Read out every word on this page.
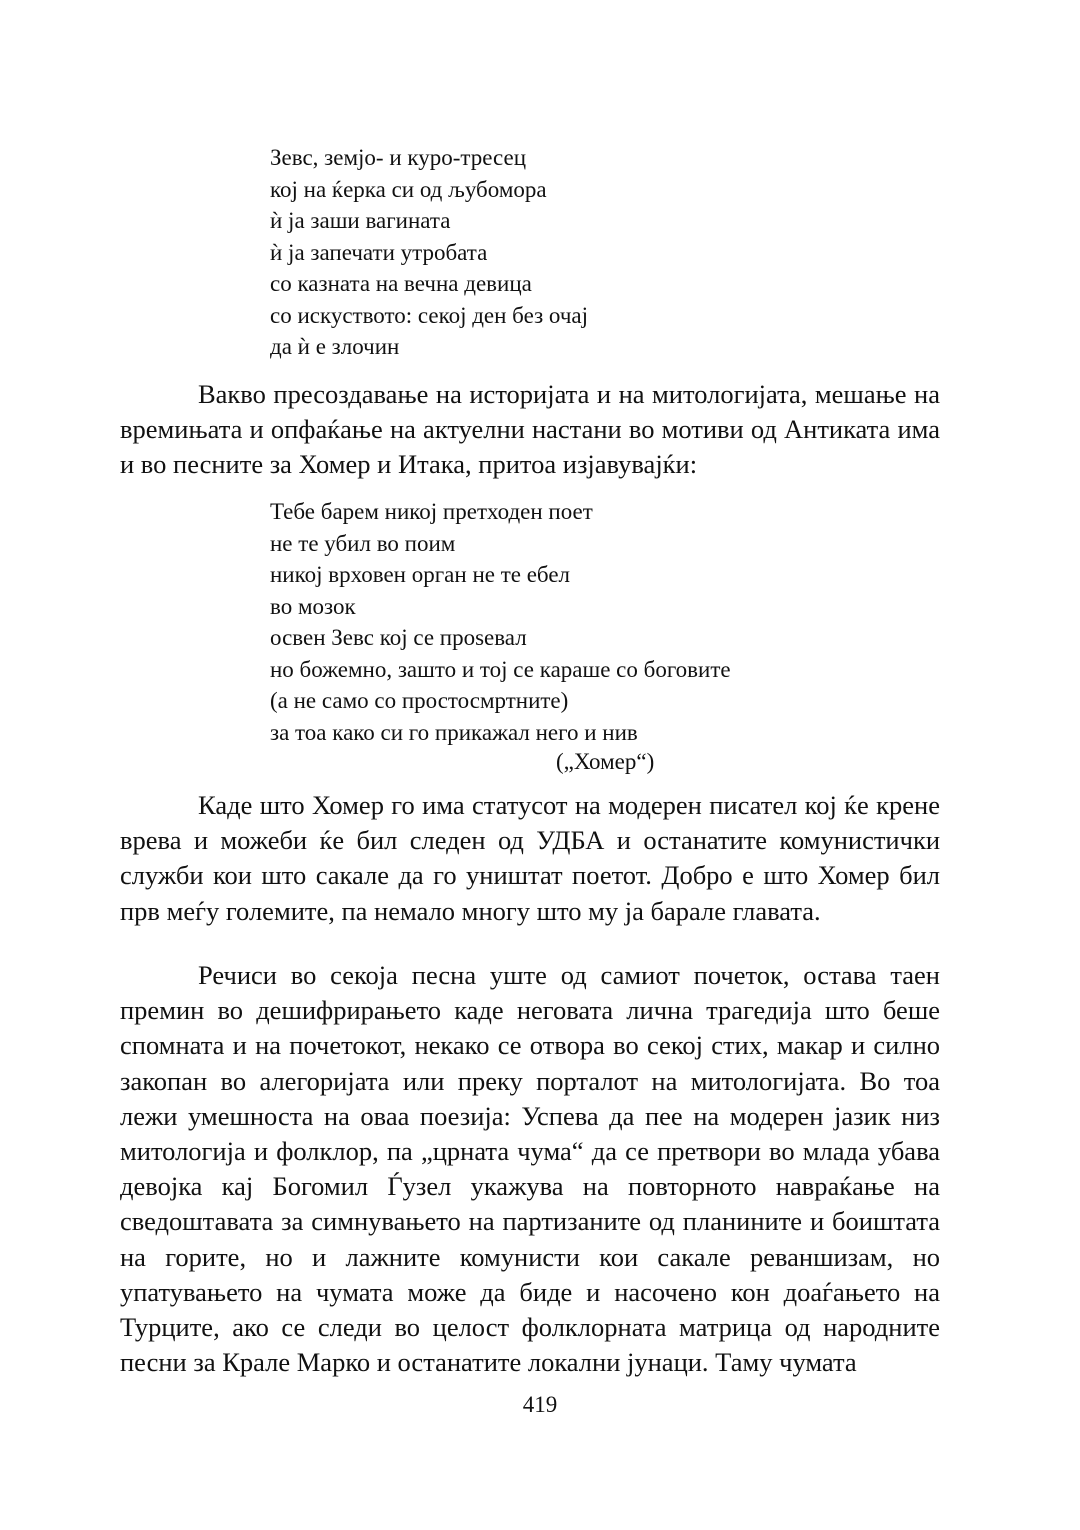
Зевс, земјо- и куро-тресец
кој на ќерка си од љубомора
ѝ ја заши вагината
ѝ ја запечати утробата
со казната на вечна девица
со искуството: секој ден без очај
да ѝ е злочин

Вакво пресоздавање на историјата и на митологијата, мешање на времињата и опфаќање на актуелни настани во мотиви од Антиката има и во песните за Хомер и Итака, притоа изјавувајќи:

Тебе барем никој претходен поет
не те убил во поим
никој врховен орган не те ебел
во мозок
освен Зевс кој се проѕевал
но божемно, зашто и тој се караше со боговите
(а не само со простосмртните)
за тоа како си го прикажал него и нив
(„Хомер“)

Каде што Хомер го има статусот на модерен писател кој ќе крене врева и можеби ќе бил следен од УДБА и останатите комунистички служби кои што сакале да го уништат поетот. Добро е што Хомер бил прв меѓу големите, па немало многу што му ја барале главата.

Речиси во секоја песна уште од самиот почеток, остава таен премин во дешифрирањето каде неговата лична трагедија што беше спомната и на почетокот, некако се отвора во секој стих, макар и силно закопан во алегоријата или преку порталот на митологијата. Во тоа лежи умешноста на оваа поезија: Успева да пее на модерен јазик низ митологија и фолклор, па „црната чума“ да се претвори во млада убава девојка кај Богомил Ѓузел укажува на повторното навраќање на сведоштавата за симнувањето на партизаните од планините и боиштата на горите, но и лажните комунисти кои сакале реваншизам, но упатувањето на чумата може да биде и насочено кон доаѓањето на Турците, ако се следи во целост фолклорната матрица од народните песни за Крале Марко и останатите локални јунаци. Таму чумата

419
